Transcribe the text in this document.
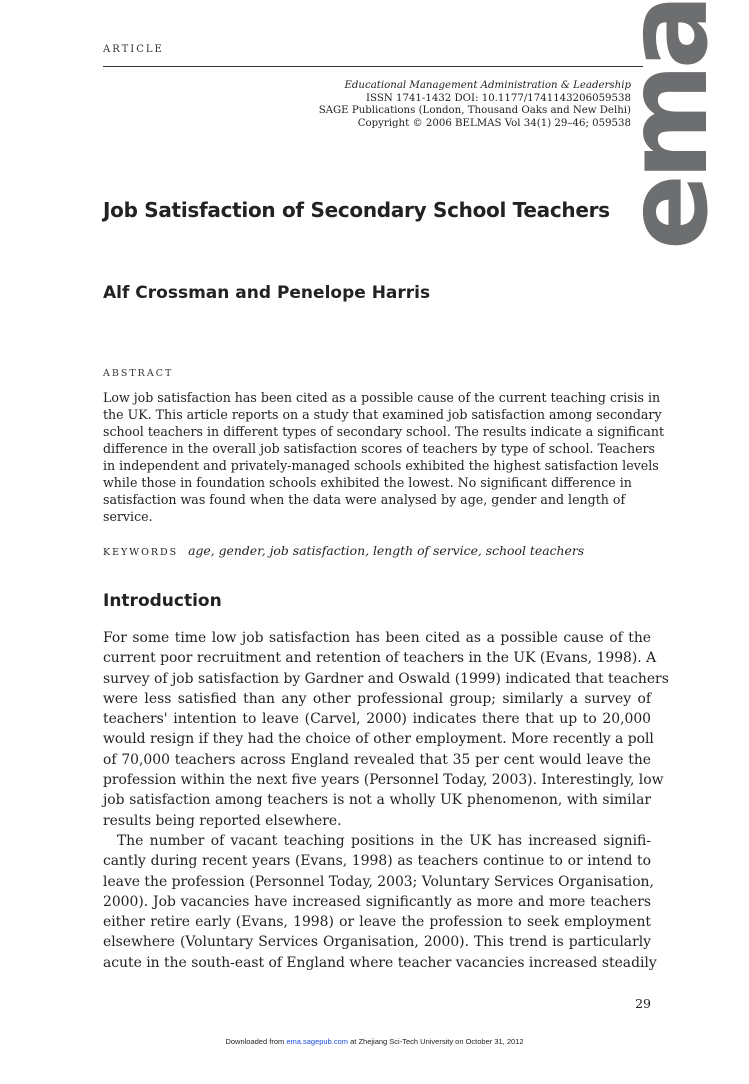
ARTICLE
Educational Management Administration & Leadership
ISSN 1741-1432 DOI: 10.1177/1741143206059538
SAGE Publications (London, Thousand Oaks and New Delhi)
Copyright © 2006 BELMAS Vol 34(1) 29–46; 059538
ema
Job Satisfaction of Secondary School Teachers
Alf Crossman and Penelope Harris
ABSTRACT
Low job satisfaction has been cited as a possible cause of the current teaching crisis in
the UK. This article reports on a study that examined job satisfaction among secondary
school teachers in different types of secondary school. The results indicate a significant
difference in the overall job satisfaction scores of teachers by type of school. Teachers
in independent and privately-managed schools exhibited the highest satisfaction levels
while those in foundation schools exhibited the lowest. No significant difference in
satisfaction was found when the data were analysed by age, gender and length of
service.
KEYWORDS age, gender, job satisfaction, length of service, school teachers
Introduction
For some time low job satisfaction has been cited as a possible cause of the
current poor recruitment and retention of teachers in the UK (Evans, 1998). A
survey of job satisfaction by Gardner and Oswald (1999) indicated that teachers
were less satisfied than any other professional group; similarly a survey of
teachers' intention to leave (Carvel, 2000) indicates there that up to 20,000
would resign if they had the choice of other employment. More recently a poll
of 70,000 teachers across England revealed that 35 per cent would leave the
profession within the next five years (Personnel Today, 2003). Interestingly, low
job satisfaction among teachers is not a wholly UK phenomenon, with similar
results being reported elsewhere.
 The number of vacant teaching positions in the UK has increased signifi-
cantly during recent years (Evans, 1998) as teachers continue to or intend to
leave the profession (Personnel Today, 2003; Voluntary Services Organisation,
2000). Job vacancies have increased significantly as more and more teachers
either retire early (Evans, 1998) or leave the profession to seek employment
elsewhere (Voluntary Services Organisation, 2000). This trend is particularly
acute in the south-east of England where teacher vacancies increased steadily
29
Downloaded from ema.sagepub.com at Zhejiang Sci-Tech University on October 31, 2012
